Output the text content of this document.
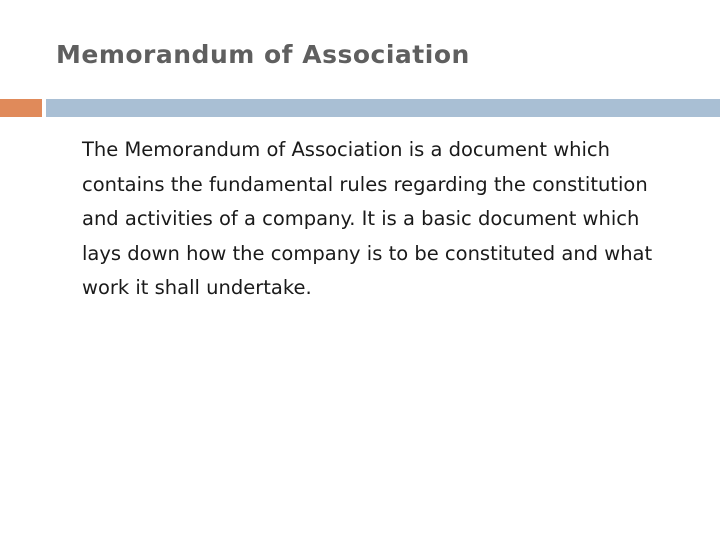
Memorandum of Association

The Memorandum of Association is a document which contains the fundamental rules regarding the constitution and activities of a company. It is a basic document which lays down how the company is to be constituted and what work it shall undertake.
